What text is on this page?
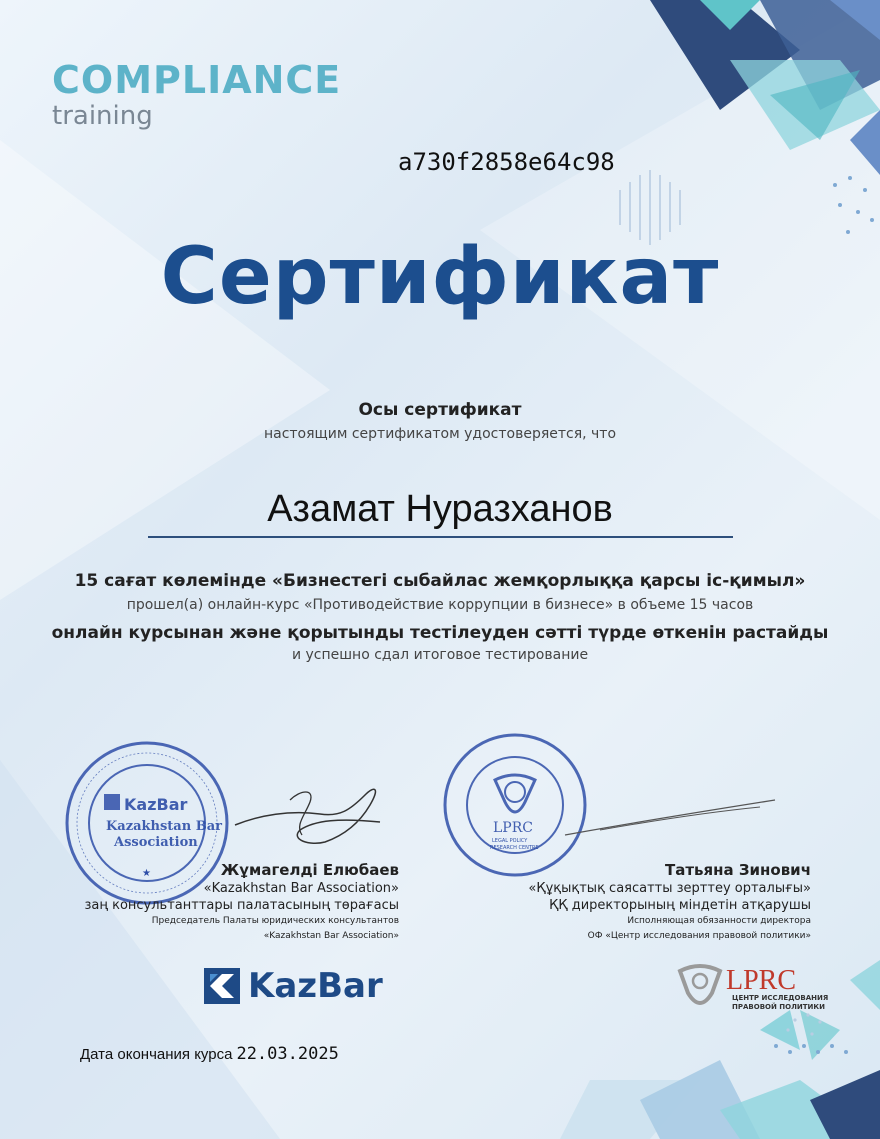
COMPLIANCE
training
a730f2858e64c98
Сертификат
Осы сертификат
настоящим сертификатом удостоверяется, что
Азамат Нуразханов
15 сағат көлемінде «Бизнестегі сыбайлас жемқорлыққа қарсы іс-қимыл»
прошел(а) онлайн-курс «Противодействие коррупции в бизнесе» в объеме 15 часов
онлайн курсынан және қорытынды тестілеуден сәтті түрде өткенін растайды
и успешно сдал итоговое тестирование
KazBar
Kazakhstan Bar
Association
★	Жұмагелді Елюбаев
«Kazakhstan Bar Association»
заң консультанттары палатасының төрағасы
Председатель Палаты юридических консультантов
«Kazakhstan Bar Association»
LPRC
LEGAL POLICY
RESEARCH CENTRE
Татьяна Зинович
«Құқықтық саясатты зерттеу орталығы»
ҚҚ директорының міндетін атқарушы
Исполняющая обязанности директора
ОФ «Центр исследования правовой политики»
KazBar	LPRC
ЦЕНТР ИССЛЕДОВАНИЯ
ПРАВОВОЙ ПОЛИТИКИ
Дата окончания курса 22.03.2025
